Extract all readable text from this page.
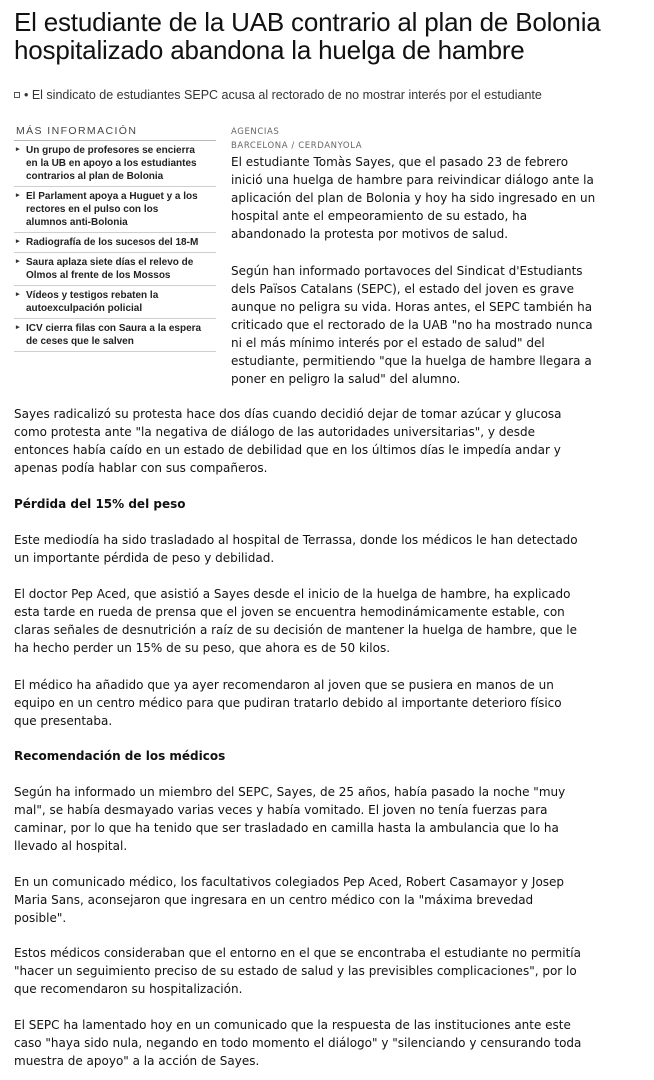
El estudiante de la UAB contrario al plan de Bolonia hospitalizado abandona la huelga de hambre
• El sindicato de estudiantes SEPC acusa al rectorado de no mostrar interés por el estudiante
MÁS INFORMACIÓN
▸ Un grupo de profesores se encierra
en la UB en apoyo a los estudiantes
contrarios al plan de Bolonia
▸ El Parlament apoya a Huguet y a los
rectores en el pulso con los
alumnos anti-Bolonia
▸ Radiografía de los sucesos del 18-M
▸ Saura aplaza siete días el relevo de
Olmos al frente de los Mossos
▸ Vídeos y testigos rebaten la
autoexculpación policial
▸ ICV cierra filas con Saura a la espera
de ceses que le salven
AGENCIAS
BARCELONA / CERDANYOLA

El estudiante Tomàs Sayes, que el pasado 23 de febrero
inició una huelga de hambre para reivindicar diálogo ante la
aplicación del plan de Bolonia y hoy ha sido ingresado en un
hospital ante el empeoramiento de su estado, ha
abandonado la protesta por motivos de salud.

Según han informado portavoces del Sindicat d'Estudiants
dels Països Catalans (SEPC), el estado del joven es grave
aunque no peligra su vida. Horas antes, el SEPC también ha
criticado que el rectorado de la UAB "no ha mostrado nunca
ni el más mínimo interés por el estado de salud" del
estudiante, permitiendo "que la huelga de hambre llegara a
poner en peligro la salud" del alumno.

Sayes radicalizó su protesta hace dos días cuando decidió dejar de tomar azúcar y glucosa
como protesta ante "la negativa de diálogo de las autoridades universitarias", y desde
entonces había caído en un estado de debilidad que en los últimos días le impedía andar y
apenas podía hablar con sus compañeros.

Pérdida del 15% del peso

Este mediodía ha sido trasladado al hospital de Terrassa, donde los médicos le han detectado
un importante pérdida de peso y debilidad.

El doctor Pep Aced, que asistió a Sayes desde el inicio de la huelga de hambre, ha explicado
esta tarde en rueda de prensa que el joven se encuentra hemodinámicamente estable, con
claras señales de desnutrición a raíz de su decisión de mantener la huelga de hambre, que le
ha hecho perder un 15% de su peso, que ahora es de 50 kilos.

El médico ha añadido que ya ayer recomendaron al joven que se pusiera en manos de un
equipo en un centro médico para que pudiran tratarlo debido al importante deterioro físico
que presentaba.

Recomendación de los médicos

Según ha informado un miembro del SEPC, Sayes, de 25 años, había pasado la noche "muy
mal", se había desmayado varias veces y había vomitado. El joven no tenía fuerzas para
caminar, por lo que ha tenido que ser trasladado en camilla hasta la ambulancia que lo ha
llevado al hospital.

En un comunicado médico, los facultativos colegiados Pep Aced, Robert Casamayor y Josep
Maria Sans, aconsejaron que ingresara en un centro médico con la "máxima brevedad
posible".

Estos médicos consideraban que el entorno en el que se encontraba el estudiante no permitía
"hacer un seguimiento preciso de su estado de salud y las previsibles complicaciones", por lo
que recomendaron su hospitalización.

El SEPC ha lamentado hoy en un comunicado que la respuesta de las instituciones ante este
caso "haya sido nula, negando en todo momento el diálogo" y "silenciando y censurando toda
muestra de apoyo" a la acción de Sayes.
